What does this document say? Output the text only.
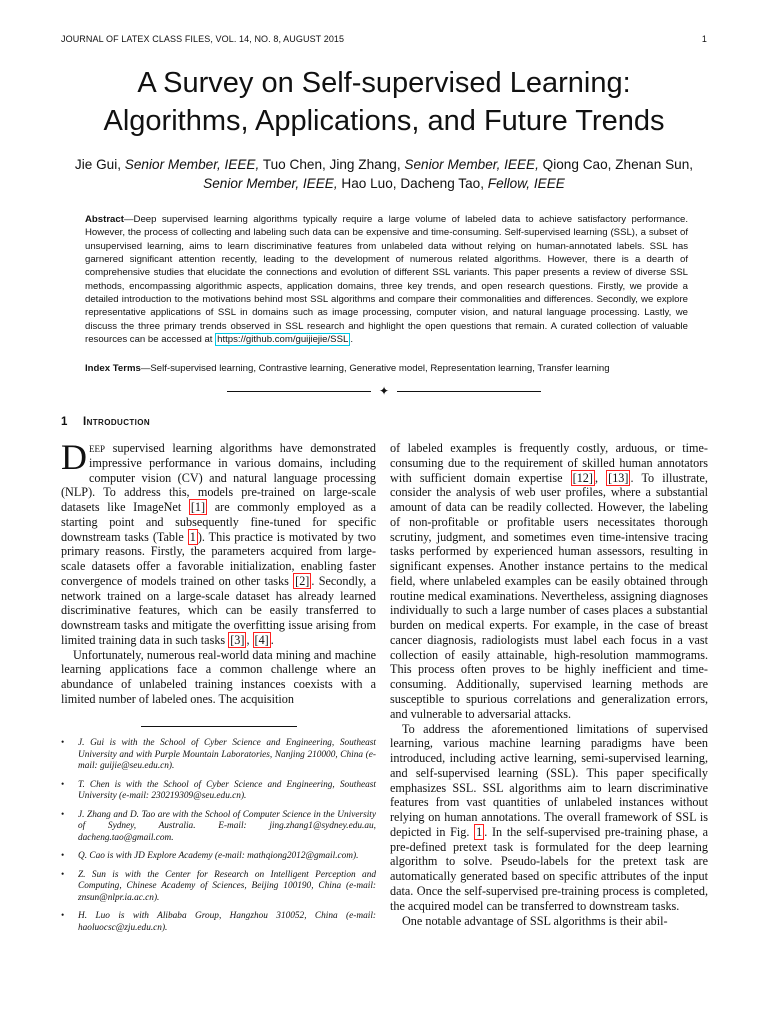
JOURNAL OF LATEX CLASS FILES, VOL. 14, NO. 8, AUGUST 2015	1
A Survey on Self-supervised Learning:
Algorithms, Applications, and Future Trends
Jie Gui, Senior Member, IEEE, Tuo Chen, Jing Zhang, Senior Member, IEEE, Qiong Cao, Zhenan Sun, Senior Member, IEEE, Hao Luo, Dacheng Tao, Fellow, IEEE
Abstract—Deep supervised learning algorithms typically require a large volume of labeled data to achieve satisfactory performance. However, the process of collecting and labeling such data can be expensive and time-consuming. Self-supervised learning (SSL), a subset of unsupervised learning, aims to learn discriminative features from unlabeled data without relying on human-annotated labels. SSL has garnered significant attention recently, leading to the development of numerous related algorithms. However, there is a dearth of comprehensive studies that elucidate the connections and evolution of different SSL variants. This paper presents a review of diverse SSL methods, encompassing algorithmic aspects, application domains, three key trends, and open research questions. Firstly, we provide a detailed introduction to the motivations behind most SSL algorithms and compare their commonalities and differences. Secondly, we explore representative applications of SSL in domains such as image processing, computer vision, and natural language processing. Lastly, we discuss the three primary trends observed in SSL research and highlight the open questions that remain. A curated collection of valuable resources can be accessed at https://github.com/guijiejie/SSL .
Index Terms—Self-supervised learning, Contrastive learning, Generative model, Representation learning, Transfer learning
✦
1 Introduction

Deep supervised learning algorithms have demonstrated impressive performance in various domains, including computer vision (CV) and natural language processing (NLP). To address this, models pre-trained on large-scale datasets like ImageNet [1] are commonly employed as a starting point and subsequently fine-tuned for specific downstream tasks (Table 1 ). This practice is motivated by two primary reasons. Firstly, the parameters acquired from large-scale datasets offer a favorable initialization, enabling faster convergence of models trained on other tasks [2] . Secondly, a network trained on a large-scale dataset has already learned discriminative features, which can be easily transferred to downstream tasks and mitigate the overfitting issue arising from limited training data in such tasks [3] , [4] .

Unfortunately, numerous real-world data mining and machine learning applications face a common challenge where an abundance of unlabeled training instances coexists with a limited number of labeled ones. The acquisition

• J. Gui is with the School of Cyber Science and Engineering, Southeast University and with Purple Mountain Laboratories, Nanjing 210000, China (e-mail: guijie@seu.edu.cn).
• T. Chen is with the School of Cyber Science and Engineering, Southeast University (e-mail: 230219309@seu.edu.cn).
• J. Zhang and D. Tao are with the School of Computer Science in the University of Sydney, Australia. E-mail: jing.zhang1@sydney.edu.au, dacheng.tao@gmail.com.
• Q. Cao is with JD Explore Academy (e-mail: mathqiong2012@gmail.com).
• Z. Sun is with the Center for Research on Intelligent Perception and Computing, Chinese Academy of Sciences, Beijing 100190, China (e-mail: znsun@nlpr.ia.ac.cn).
• H. Luo is with Alibaba Group, Hangzhou 310052, China (e-mail: haoluocsc@zju.edu.cn).

of labeled examples is frequently costly, arduous, or time-consuming due to the requirement of skilled human annotators with sufficient domain expertise [12] , [13] . To illustrate, consider the analysis of web user profiles, where a substantial amount of data can be readily collected. However, the labeling of non-profitable or profitable users necessitates thorough scrutiny, judgment, and sometimes even time-intensive tracing tasks performed by experienced human assessors, resulting in significant expenses. Another instance pertains to the medical field, where unlabeled examples can be easily obtained through routine medical examinations. Nevertheless, assigning diagnoses individually to such a large number of cases places a substantial burden on medical experts. For example, in the case of breast cancer diagnosis, radiologists must label each focus in a vast collection of easily attainable, high-resolution mammograms. This process often proves to be highly inefficient and time-consuming. Additionally, supervised learning methods are susceptible to spurious correlations and generalization errors, and vulnerable to adversarial attacks.

To address the aforementioned limitations of supervised learning, various machine learning paradigms have been introduced, including active learning, semi-supervised learning, and self-supervised learning (SSL). This paper specifically emphasizes SSL. SSL algorithms aim to learn discriminative features from vast quantities of unlabeled instances without relying on human annotations. The overall framework of SSL is depicted in Fig. 1 . In the self-supervised pre-training phase, a pre-defined pretext task is formulated for the deep learning algorithm to solve. Pseudo-labels for the pretext task are automatically generated based on specific attributes of the input data. Once the self-supervised pre-training process is completed, the acquired model can be transferred to downstream tasks.

One notable advantage of SSL algorithms is their abil-
